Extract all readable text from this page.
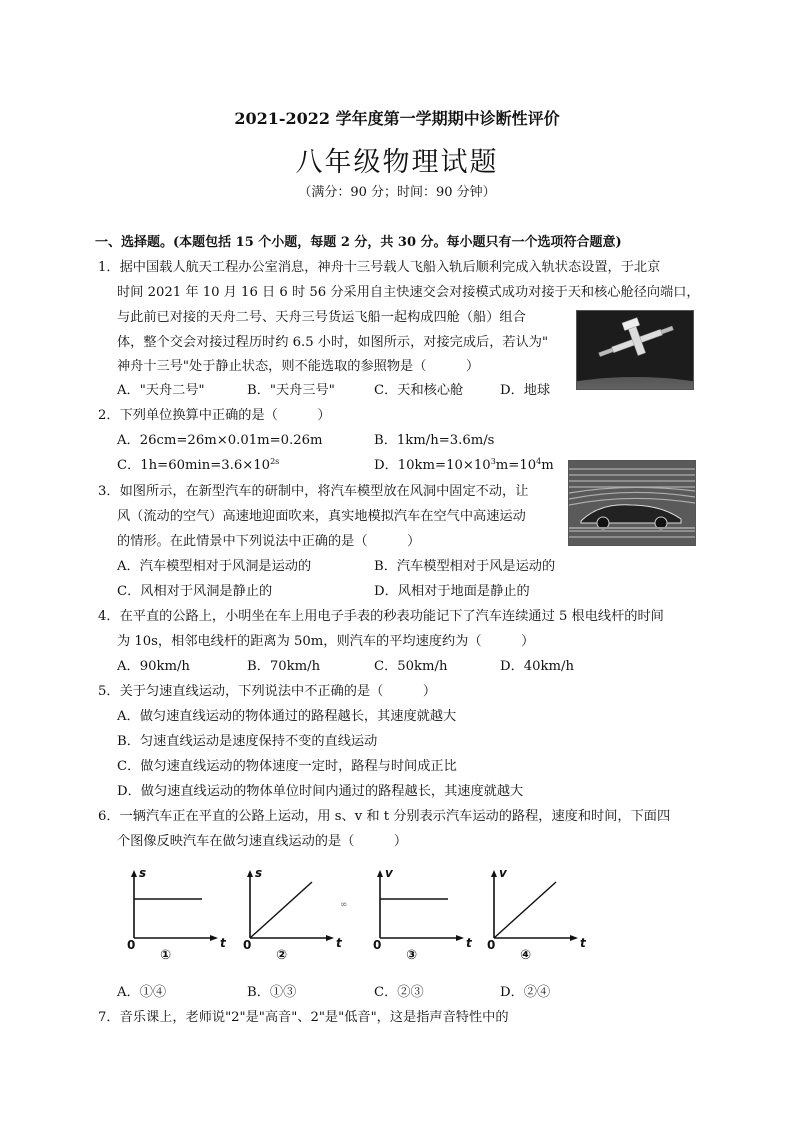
2021-2022 学年度第一学期期中诊断性评价
八年级物理试题
（满分：90 分；时间：90 分钟）
一、选择题。(本题包括 15 个小题，每题 2 分，共 30 分。每小题只有一个选项符合题意)
1．据中国载人航天工程办公室消息，神舟十三号载人飞船入轨后顺利完成入轨状态设置，于北京
时间 2021 年 10 月 16 日 6 时 56 分采用自主快速交会对接模式成功对接于天和核心舱径向端口，
与此前已对接的天舟二号、天舟三号货运飞船一起构成四舱（船）组合
体，整个交会对接过程历时约 6.5 小时，如图所示，对接完成后，若认为"
神舟十三号"处于静止状态，则不能选取的参照物是（　　　）
A．"天舟二号"	B．"天舟三号"	C．天和核心舱	D．地球
2．下列单位换算中正确的是（　　　）
A．26cm=26m×0.01m=0.26m	B．1km/h=3.6m/s
C．$1h=60\min=3.6\times 10^{2s}$	D．$10km=10\times 10^3m=10^4m$
3．如图所示，在新型汽车的研制中，将汽车模型放在风洞中固定不动，让
风（流动的空气）高速地迎面吹来，真实地模拟汽车在空气中高速运动
的情形。在此情景中下列说法中正确的是（　　　）
A．汽车模型相对于风洞是运动的	B．汽车模型相对于风是运动的
C．风相对于风洞是静止的	D．风相对于地面是静止的
4．在平直的公路上，小明坐在车上用电子手表的秒表功能记下了汽车连续通过 5 根电线杆的时间
为 10s，相邻电线杆的距离为 50m，则汽车的平均速度约为（　　　）
A．90km/h	B．70km/h	C．50km/h	D．40km/h
5．关于匀速直线运动，下列说法中不正确的是（　　　）
A．做匀速直线运动的物体通过的路程越长，其速度就越大
B．匀速直线运动是速度保持不变的直线运动
C．做匀速直线运动的物体速度一定时，路程与时间成正比
D．做匀速直线运动的物体单位时间内通过的路程越长，其速度就越大
6．一辆汽车正在平直的公路上运动，用 s、v 和 t 分别表示汽车运动的路程，速度和时间，下面四
个图像反映汽车在做匀速直线运动的是（　　　）
s
t
0
①
s
t
0
②
v
t
0
③
v
t
0
④
∞
A．①④	B．①③	C．②③	D．②④
7．音乐课上，老师说"2"是"高音"、2"是"低音"，这是指声音特性中的
